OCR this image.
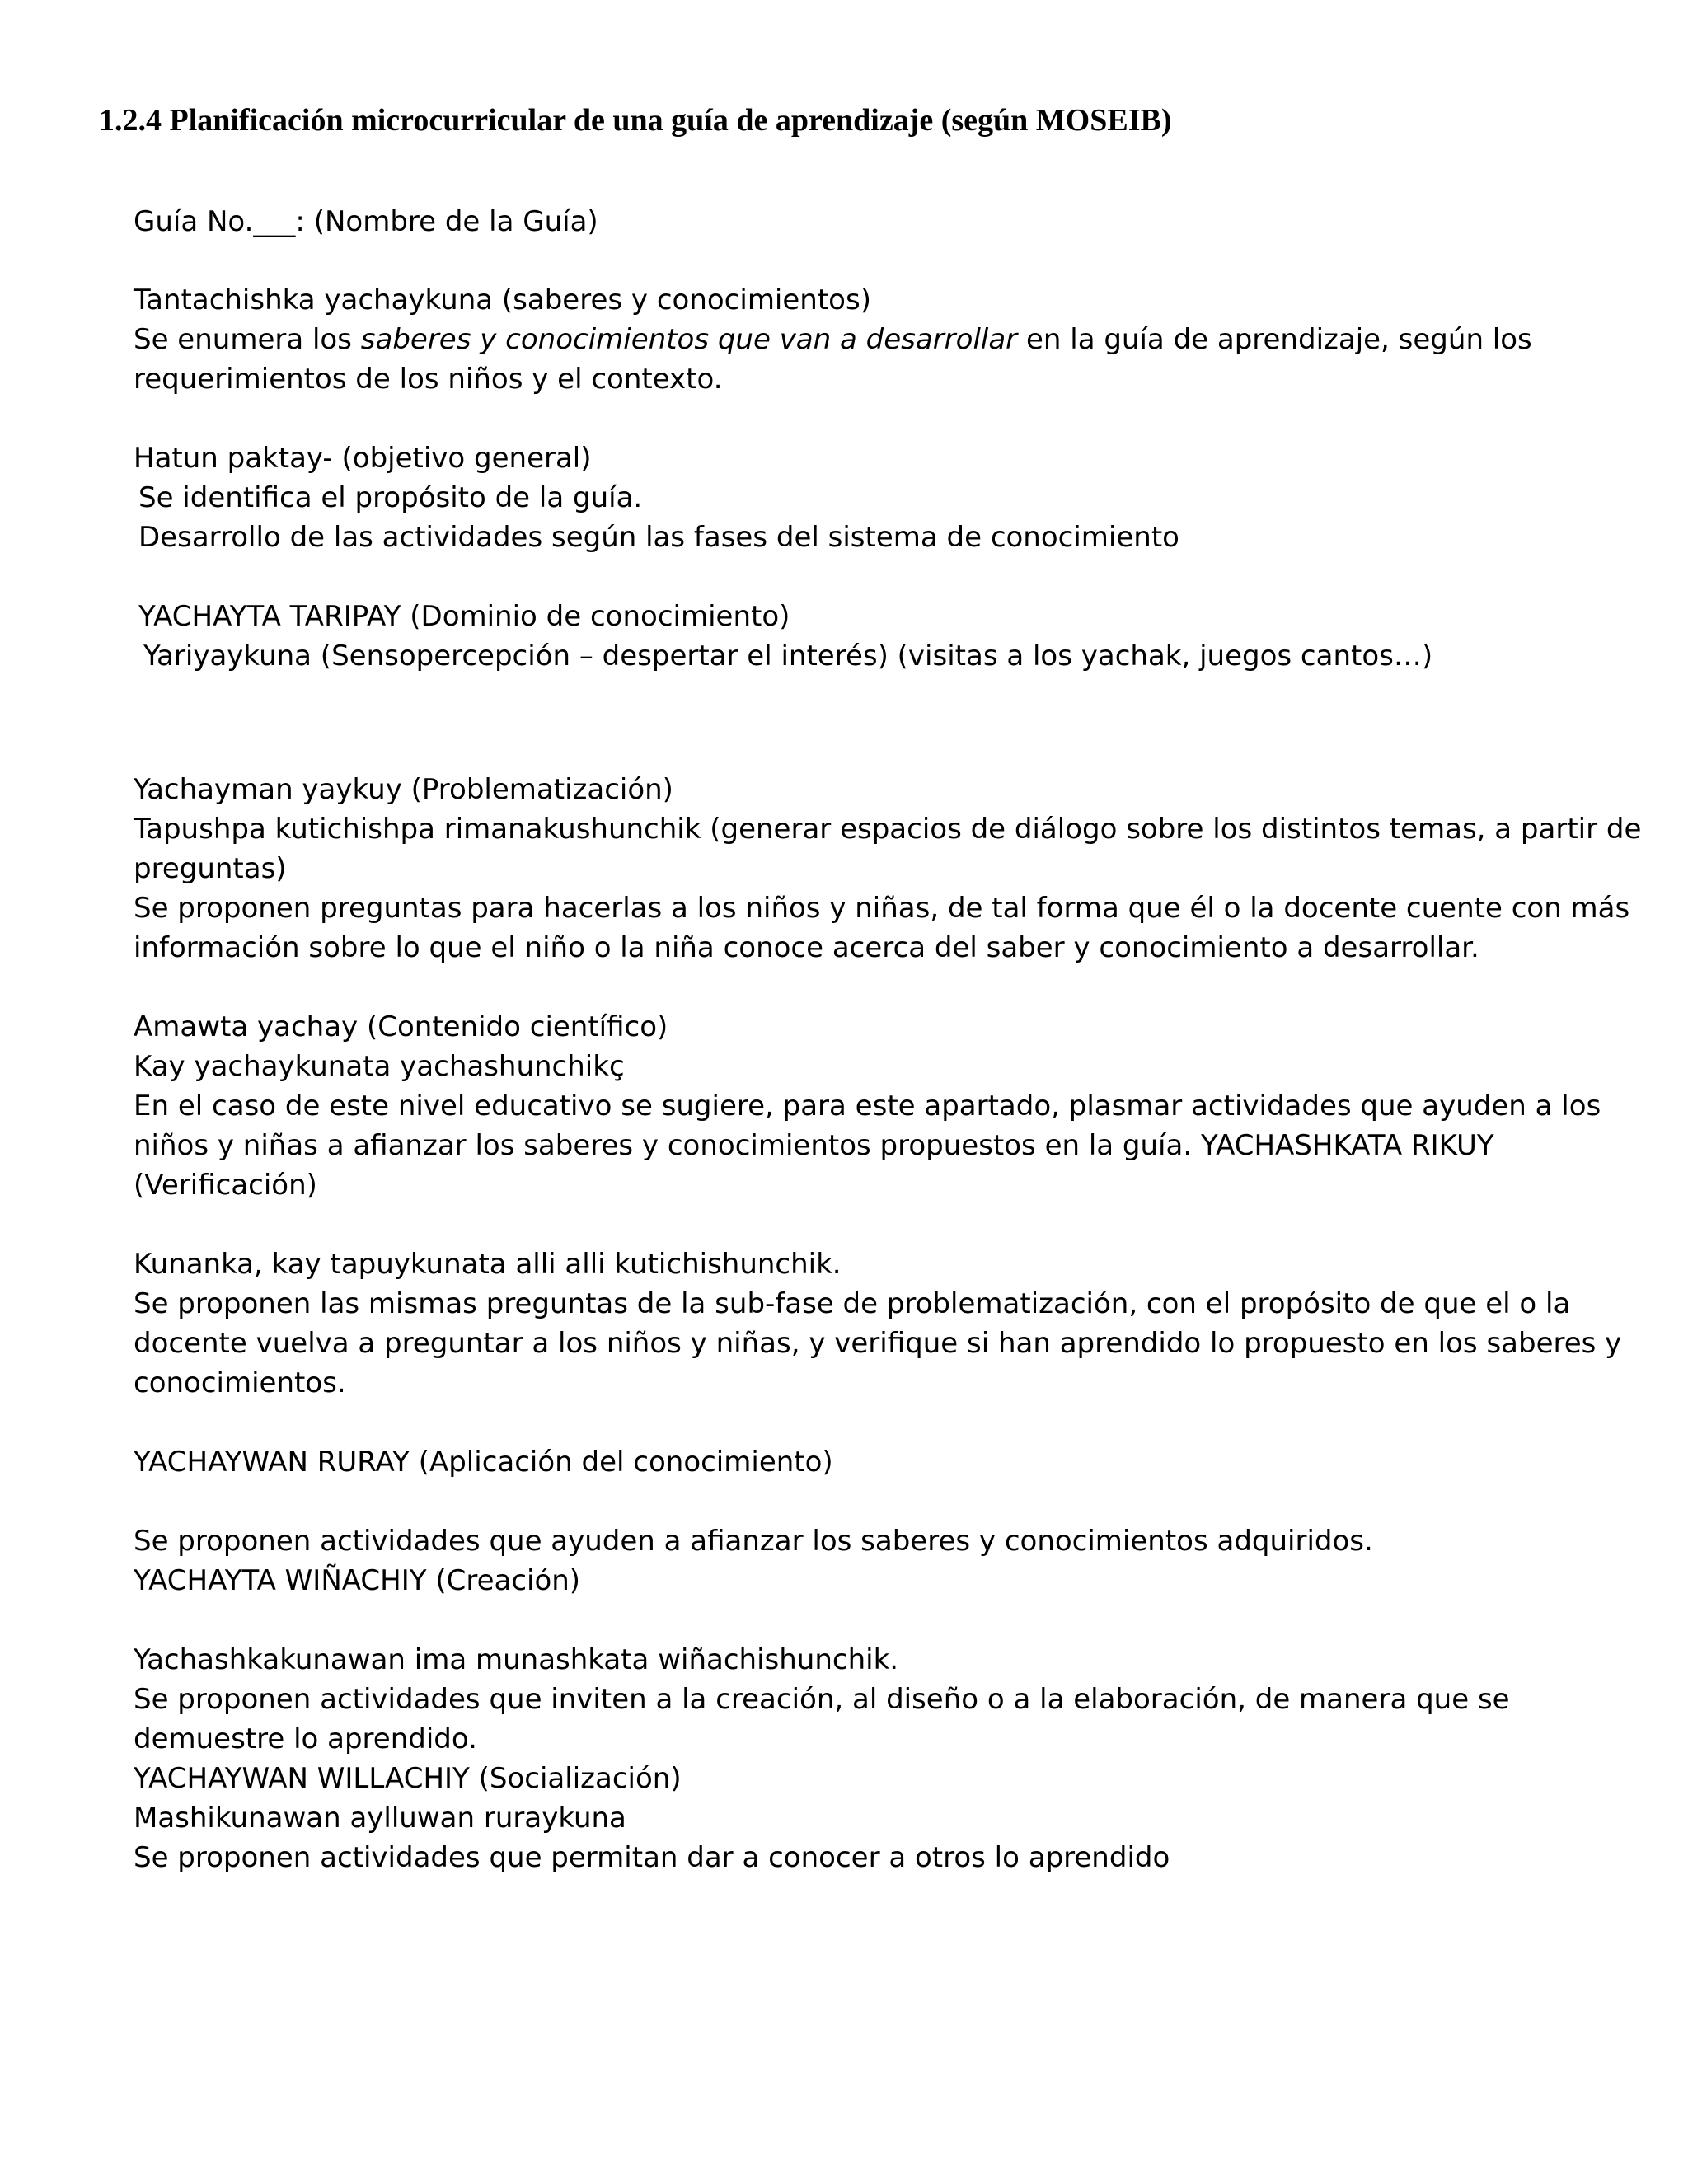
1.2.4 Planificación microcurricular de una guía de aprendizaje (según MOSEIB)

Guía No.___: (Nombre de la Guía)

Tantachishka yachaykuna (saberes y conocimientos)

Se enumera los saberes y conocimientos que van a desarrollar en la guía de aprendizaje, según los

requerimientos de los niños y el contexto.

Hatun paktay- (objetivo general)

Se identifica el propósito de la guía.

Desarrollo de las actividades según las fases del sistema de conocimiento

YACHAYTA TARIPAY (Dominio de conocimiento)

Yariyaykuna (Sensopercepción – despertar el interés) (visitas a los yachak, juegos cantos…)

Yachayman yaykuy (Problematización)

Tapushpa kutichishpa rimanakushunchik (generar espacios de diálogo sobre los distintos temas, a partir de

preguntas)

Se proponen preguntas para hacerlas a los niños y niñas, de tal forma que él o la docente cuente con más

información sobre lo que el niño o la niña conoce acerca del saber y conocimiento a desarrollar.

Amawta yachay (Contenido científico)

Kay yachaykunata yachashunchikç

En el caso de este nivel educativo se sugiere, para este apartado, plasmar actividades que ayuden a los

niños y niñas a afianzar los saberes y conocimientos propuestos en la guía. YACHASHKATA RIKUY

(Verificación)

Kunanka, kay tapuykunata alli alli kutichishunchik.

Se proponen las mismas preguntas de la sub-fase de problematización, con el propósito de que el o la

docente vuelva a preguntar a los niños y niñas, y verifique si han aprendido lo propuesto en los saberes y

conocimientos.

YACHAYWAN RURAY (Aplicación del conocimiento)

Se proponen actividades que ayuden a afianzar los saberes y conocimientos adquiridos.

YACHAYTA WIÑACHIY (Creación)

Yachashkakunawan ima munashkata wiñachishunchik.

Se proponen actividades que inviten a la creación, al diseño o a la elaboración, de manera que se

demuestre lo aprendido.

YACHAYWAN WILLACHIY (Socialización)

Mashikunawan aylluwan ruraykuna

Se proponen actividades que permitan dar a conocer a otros lo aprendido
